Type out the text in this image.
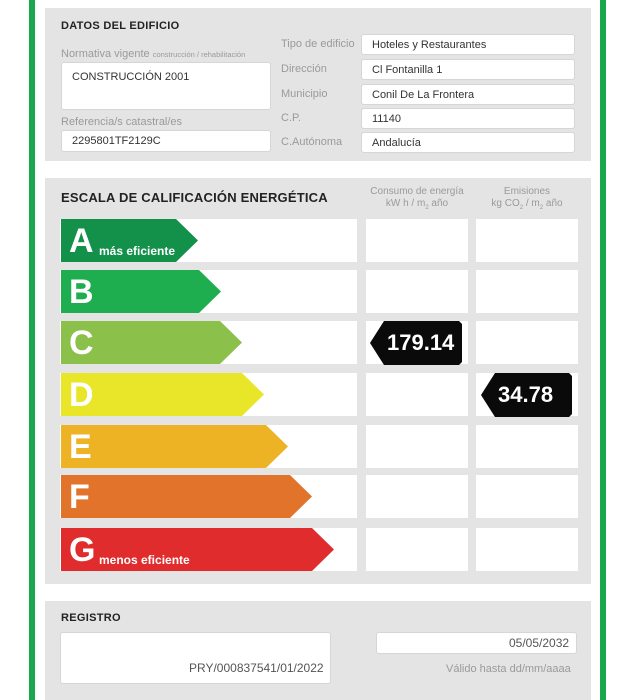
DATOS DEL EDIFICIO
Normativa vigente construcción / rehabilitación
CONSTRUCCIÓN 2001
Referencia/s catastral/es
2295801TF2129C
Tipo de edificio	Hoteles y Restaurantes
Dirección	Cl Fontanilla 1
Municipio	Conil De La Frontera
C.P.	11140
C.Autónoma	Andalucía
ESCALA DE CALIFICACIÓN ENERGÉTICA	Consumo de energía
kW h / $m_2$ año
Emisiones
kg $CO_2 / m_2$ año
A más eficiente
B
C
D
E
F
G menos eficiente
179.14
34.78
REGISTRO
PRY/000837541/01/2022
05/05/2032
Válido hasta dd/mm/aaaa
